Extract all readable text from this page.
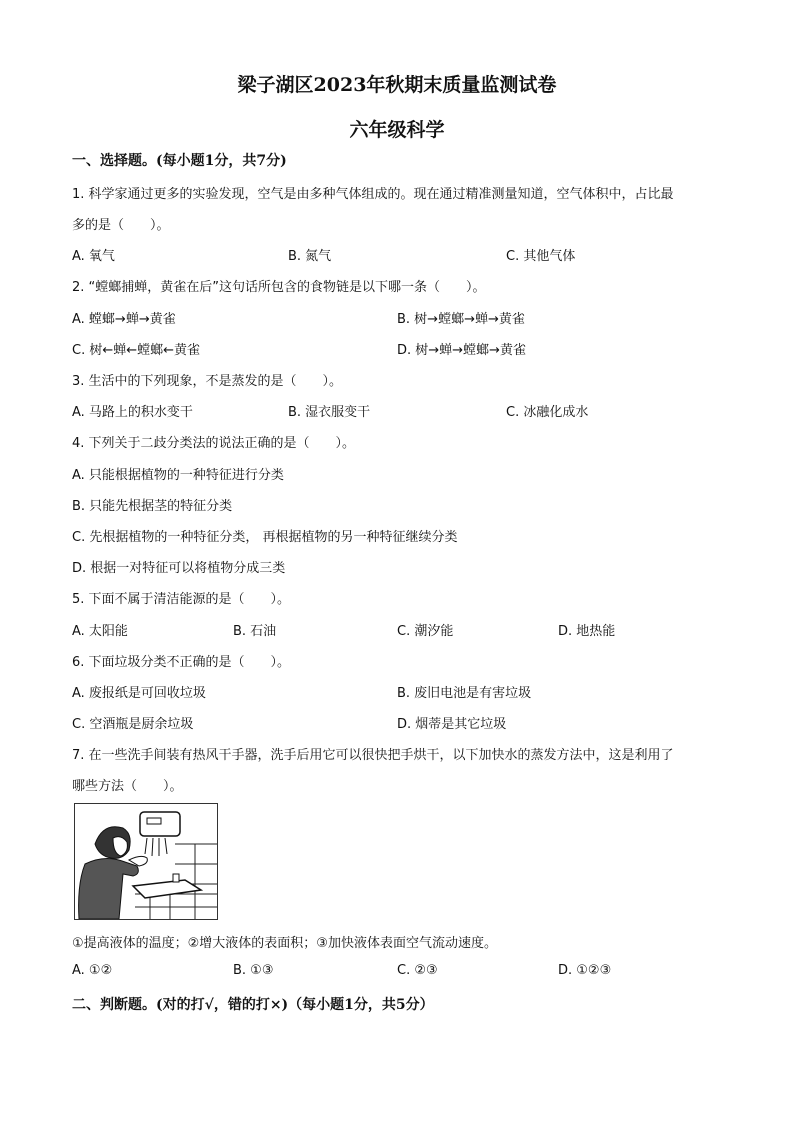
梁子湖区2023年秋期末质量监测试卷
六年级科学
一、选择题。(每小题1分，共7分)
1. 科学家通过更多的实验发现，空气是由多种气体组成的。现在通过精准测量知道，空气体积中，占比最
多的是（　　）。
A. 氧气	B. 氮气	C. 其他气体
2. “螳螂捕蝉，黄雀在后”这句话所包含的食物链是以下哪一条（　　）。
A. 螳螂→蝉→黄雀	B. 树→螳螂→蝉→黄雀
C. 树←蝉←螳螂←黄雀	D. 树→蝉→螳螂→黄雀
3. 生活中的下列现象，不是蒸发的是（　　）。
A. 马路上的积水变干	B. 湿衣服变干	C. 冰融化成水
4. 下列关于二歧分类法的说法正确的是（　　）。
A. 只能根据植物的一种特征进行分类
B. 只能先根据茎的特征分类
C. 先根据植物的一种特征分类， 再根据植物的另一种特征继续分类
D. 根据一对特征可以将植物分成三类
5. 下面不属于清洁能源的是（　　）。
A. 太阳能	B. 石油	C. 潮汐能	D. 地热能
6. 下面垃圾分类不正确的是（　　）。
A. 废报纸是可回收垃圾	B. 废旧电池是有害垃圾
C. 空酒瓶是厨余垃圾	D. 烟蒂是其它垃圾
7. 在一些洗手间装有热风干手器，洗手后用它可以很快把手烘干，以下加快水的蒸发方法中，这是利用了
哪些方法（　　）。
①提高液体的温度；②增大液体的表面积；③加快液体表面空气流动速度。
A. ①②	B. ①③	C. ②③	D. ①②③
二、判断题。(对的打√，错的打×)（每小题1分，共5分）
